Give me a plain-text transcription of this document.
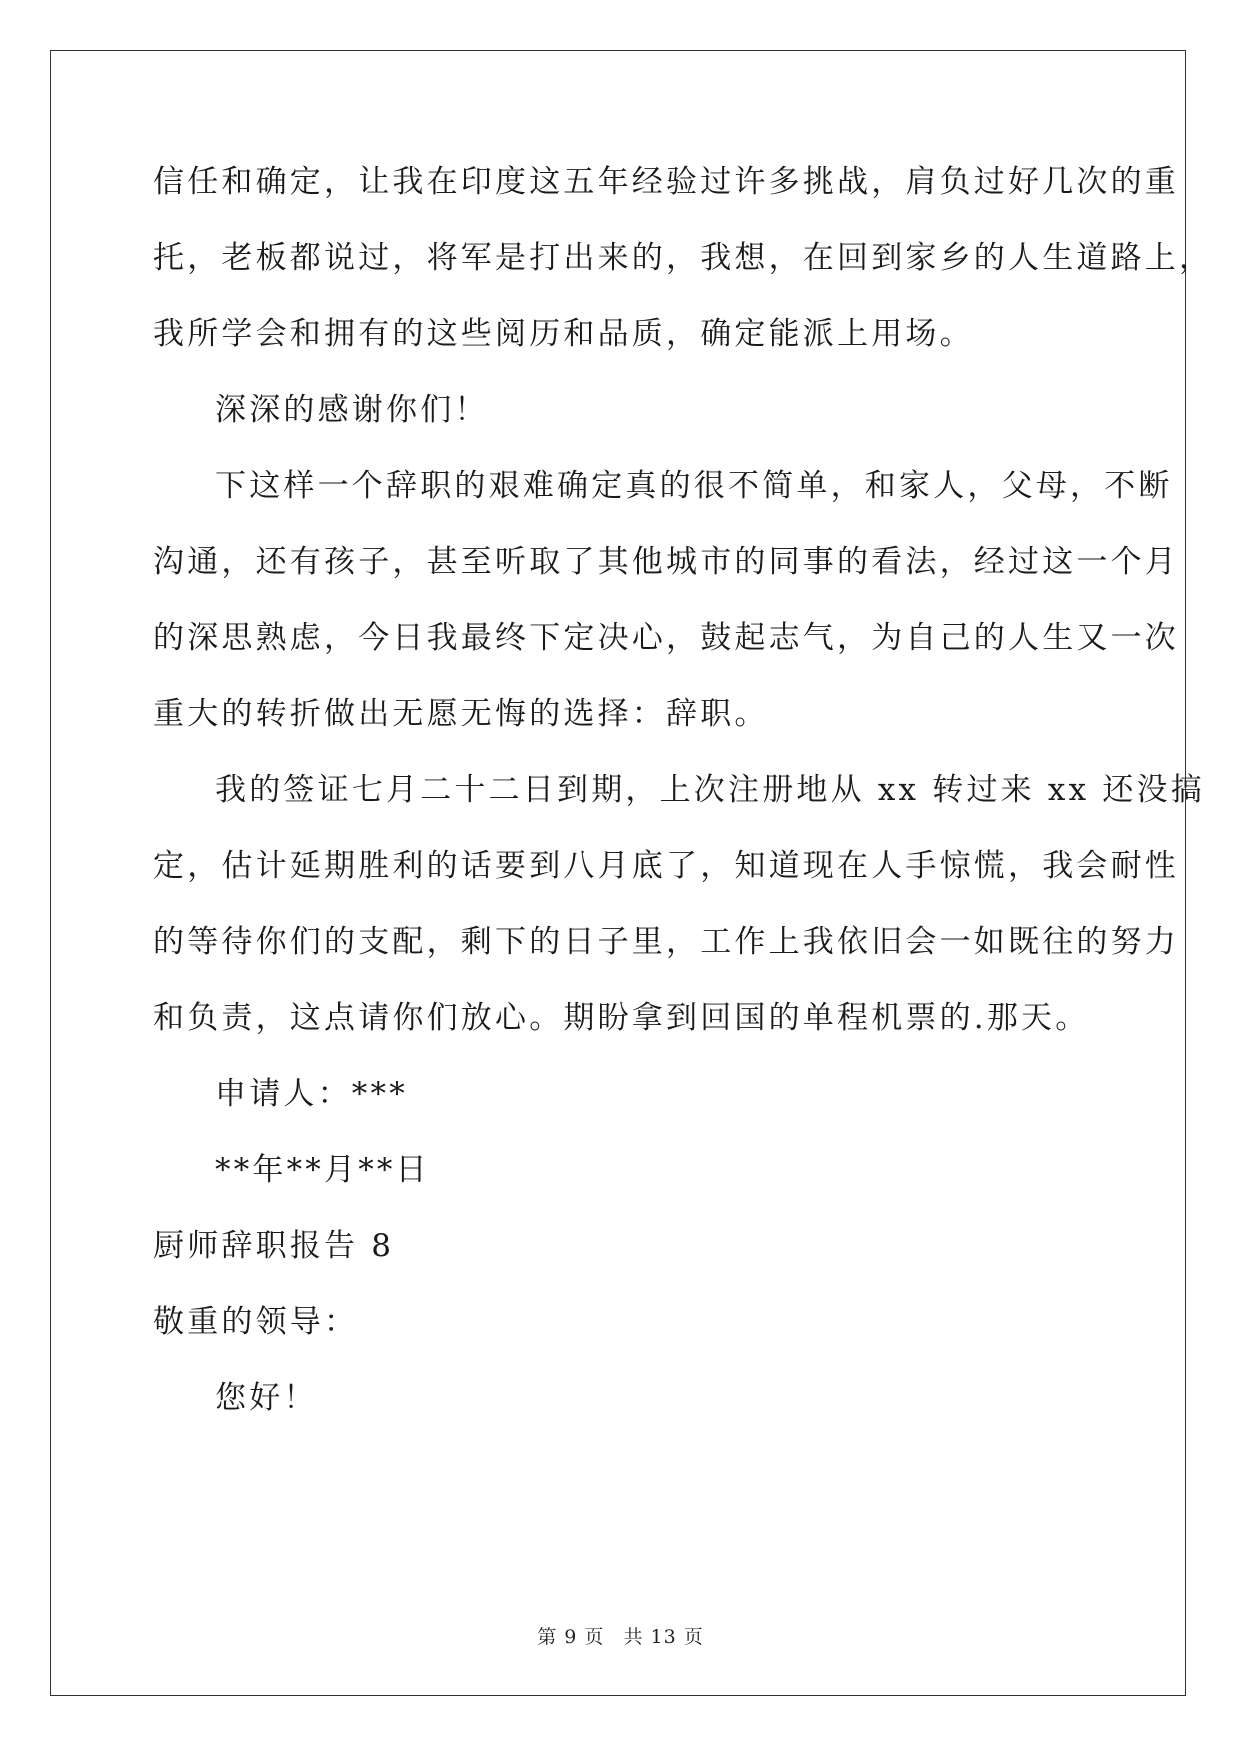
信任和确定，让我在印度这五年经验过许多挑战，肩负过好几次的重
托，老板都说过，将军是打出来的，我想，在回到家乡的人生道路上，
我所学会和拥有的这些阅历和品质，确定能派上用场。
深深的感谢你们！
下这样一个辞职的艰难确定真的很不简单，和家人，父母，不断
沟通，还有孩子，甚至听取了其他城市的同事的看法，经过这一个月
的深思熟虑，今日我最终下定决心，鼓起志气，为自己的人生又一次
重大的转折做出无愿无悔的选择：辞职。
我的签证七月二十二日到期，上次注册地从 xx 转过来 xx 还没搞
定，估计延期胜利的话要到八月底了，知道现在人手惊慌，我会耐性
的等待你们的支配，剩下的日子里，工作上我依旧会一如既往的努力
和负责，这点请你们放心。期盼拿到回国的单程机票的.那天。
申请人：***
**年**月**日
厨师辞职报告 8
敬重的领导：
您好！
第 9 页 共 13 页
